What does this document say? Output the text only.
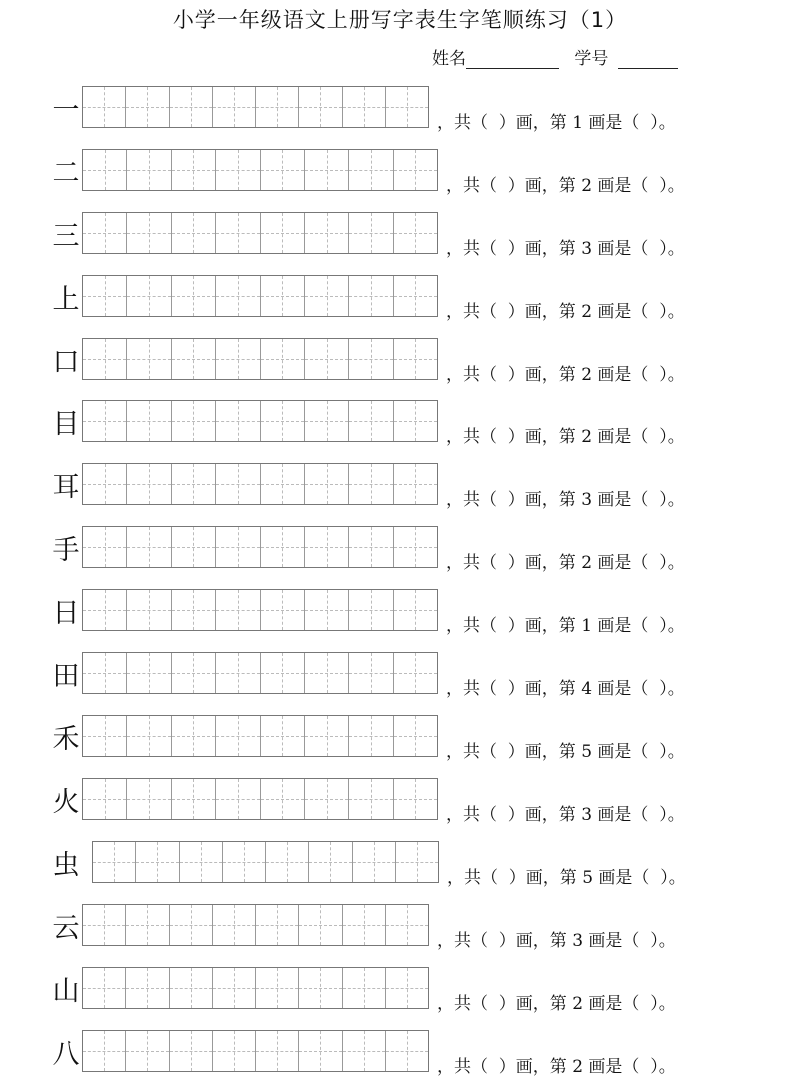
小学一年级语文上册写字表生字笔顺练习（1）
姓名	学号
一	，共（  ）画，第 1 画是（  ）。
二	，共（  ）画，第 2 画是（  ）。
三	，共（  ）画，第 3 画是（  ）。
上	，共（  ）画，第 2 画是（  ）。
口	，共（  ）画，第 2 画是（  ）。
目	，共（  ）画，第 2 画是（  ）。
耳	，共（  ）画，第 3 画是（  ）。
手	，共（  ）画，第 2 画是（  ）。
日	，共（  ）画，第 1 画是（  ）。
田	，共（  ）画，第 4 画是（  ）。
禾	，共（  ）画，第 5 画是（  ）。
火	，共（  ）画，第 3 画是（  ）。
虫	，共（  ）画，第 5 画是（  ）。
云	，共（  ）画，第 3 画是（  ）。
山	，共（  ）画，第 2 画是（  ）。
八	，共（  ）画，第 2 画是（  ）。
